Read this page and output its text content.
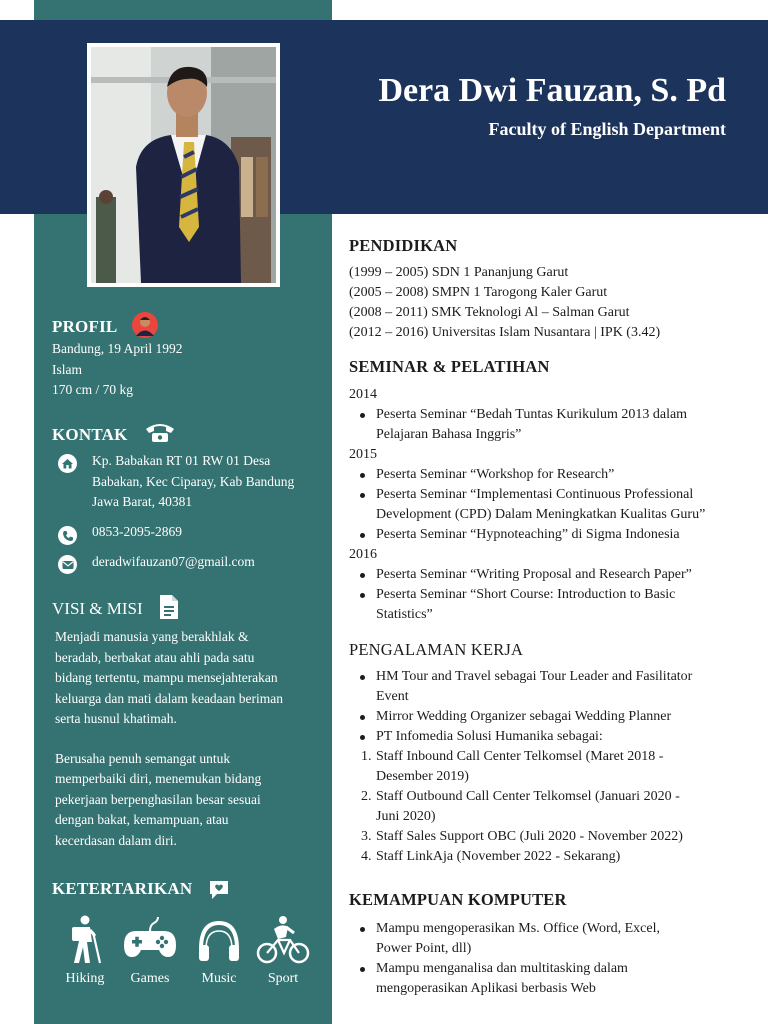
Dera Dwi Fauzan, S. Pd
Faculty of English Department
PROFIL
Bandung, 19 April 1992
Islam
170 cm / 70 kg
KONTAK
Kp. Babakan RT 01 RW 01 Desa
Babakan, Kec Ciparay, Kab Bandung
Jawa Barat, 40381
0853-2095-2869
deradwifauzan07@gmail.com
VISI & MISI
Menjadi manusia yang berakhlak &
beradab, berbakat atau ahli pada satu
bidang tertentu, mampu mensejahterakan
keluarga dan mati dalam keadaan beriman
serta husnul khatimah.
Berusaha penuh semangat untuk
memperbaiki diri, menemukan bidang
pekerjaan berpenghasilan besar sesuai
dengan bakat, kemampuan, atau
kecerdasan dalam diri.
KETERTARIKAN
Hiking	Games	Music	Sport
PENDIDIKAN
(1999 – 2005) SDN 1 Pananjung Garut
(2005 – 2008) SMPN 1 Tarogong Kaler Garut
(2008 – 2011) SMK Teknologi Al – Salman Garut
(2012 – 2016) Universitas Islam Nusantara | IPK (3.42)
SEMINAR & PELATIHAN
2014
Peserta Seminar “Bedah Tuntas Kurikulum 2013 dalam
Pelajaran Bahasa Inggris”
2015
Peserta Seminar “Workshop for Research”
Peserta Seminar “Implementasi Continuous Professional
Development (CPD) Dalam Meningkatkan Kualitas Guru”
Peserta Seminar “Hypnoteaching” di Sigma Indonesia
2016
Peserta Seminar “Writing Proposal and Research Paper”
Peserta Seminar “Short Course: Introduction to Basic
Statistics”
PENGALAMAN KERJA
HM Tour and Travel sebagai Tour Leader and Fasilitator
Event
Mirror Wedding Organizer sebagai Wedding Planner
PT Infomedia Solusi Humanika sebagai:
1. Staff Inbound Call Center Telkomsel (Maret 2018 -
Desember 2019)
2. Staff Outbound Call Center Telkomsel (Januari 2020 -
Juni 2020)
3. Staff Sales Support OBC (Juli 2020 - November 2022)
4. Staff LinkAja (November 2022 - Sekarang)
KEMAMPUAN KOMPUTER
Mampu mengoperasikan Ms. Office (Word, Excel,
Power Point, dll)
Mampu menganalisa dan multitasking dalam
mengoperasikan Aplikasi berbasis Web
